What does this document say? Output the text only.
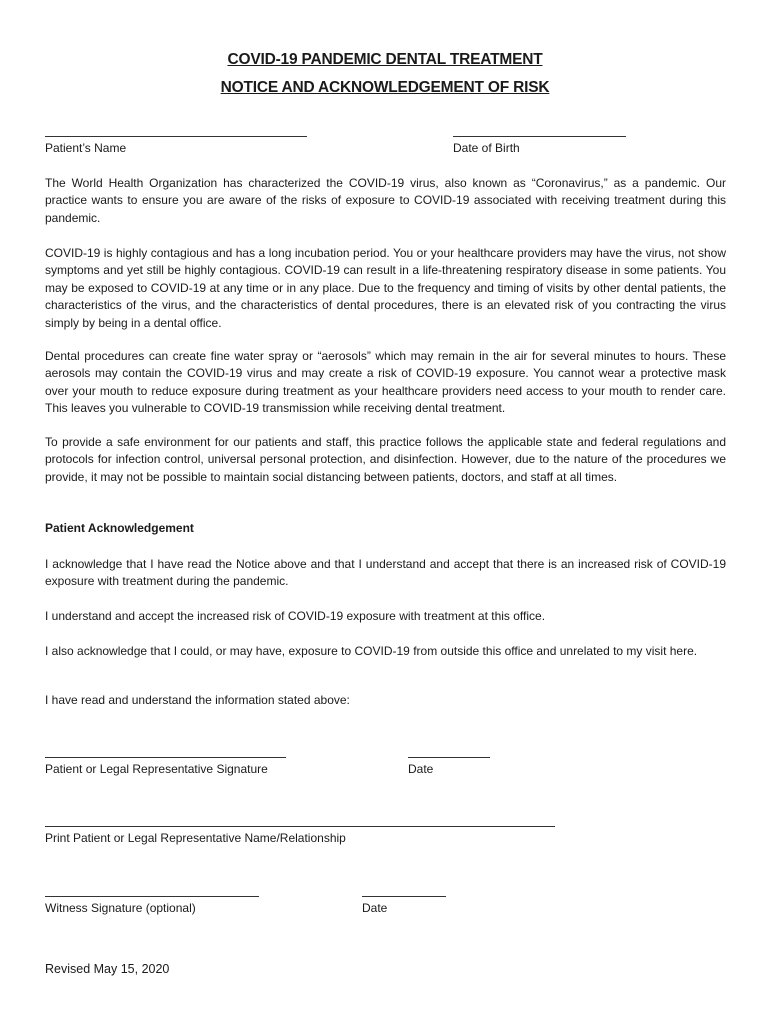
COVID-19 PANDEMIC DENTAL TREATMENT
NOTICE AND ACKNOWLEDGEMENT OF RISK
Patient’s Name	Date of Birth
The World Health Organization has characterized the COVID-19 virus, also known as “Coronavirus,” as a pandemic. Our practice wants to ensure you are aware of the risks of exposure to COVID-19 associated with receiving treatment during this pandemic.
COVID-19 is highly contagious and has a long incubation period. You or your healthcare providers may have the virus, not show symptoms and yet still be highly contagious. COVID-19 can result in a life-threatening respiratory disease in some patients. You may be exposed to COVID-19 at any time or in any place. Due to the frequency and timing of visits by other dental patients, the characteristics of the virus, and the characteristics of dental procedures, there is an elevated risk of you contracting the virus simply by being in a dental office.
Dental procedures can create fine water spray or “aerosols” which may remain in the air for several minutes to hours. These aerosols may contain the COVID-19 virus and may create a risk of COVID-19 exposure. You cannot wear a protective mask over your mouth to reduce exposure during treatment as your healthcare providers need access to your mouth to render care. This leaves you vulnerable to COVID-19 transmission while receiving dental treatment.
To provide a safe environment for our patients and staff, this practice follows the applicable state and federal regulations and protocols for infection control, universal personal protection, and disinfection. However, due to the nature of the procedures we provide, it may not be possible to maintain social distancing between patients, doctors, and staff at all times.
Patient Acknowledgement
I acknowledge that I have read the Notice above and that I understand and accept that there is an increased risk of COVID-19 exposure with treatment during the pandemic.
I understand and accept the increased risk of COVID-19 exposure with treatment at this office.
I also acknowledge that I could, or may have, exposure to COVID-19 from outside this office and unrelated to my visit here.
I have read and understand the information stated above:
Patient or Legal Representative Signature	Date
Print Patient or Legal Representative Name/Relationship
Witness Signature (optional)	Date
Revised May 15, 2020
